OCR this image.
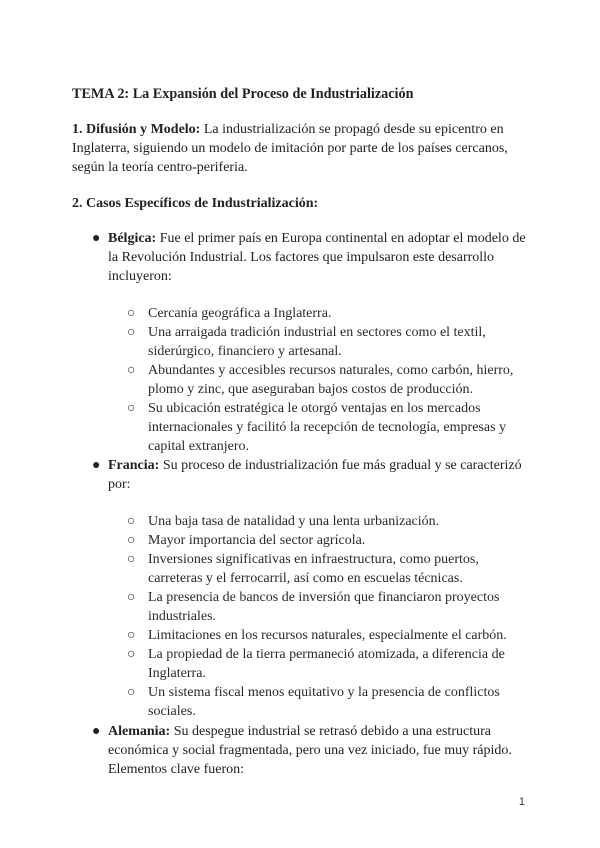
TEMA 2: La Expansión del Proceso de Industrialización
1. Difusión y Modelo: La industrialización se propagó desde su epicentro en Inglaterra, siguiendo un modelo de imitación por parte de los países cercanos, según la teoría centro-periferia.
2. Casos Específicos de Industrialización:
● Bélgica: Fue el primer país en Europa continental en adoptar el modelo de la Revolución Industrial. Los factores que impulsaron este desarrollo incluyeron:
○ Cercanía geográfica a Inglaterra.
○ Una arraigada tradición industrial en sectores como el textil, siderúrgico, financiero y artesanal.
○ Abundantes y accesibles recursos naturales, como carbón, hierro, plomo y zinc, que aseguraban bajos costos de producción.
○ Su ubicación estratégica le otorgó ventajas en los mercados internacionales y facilitó la recepción de tecnología, empresas y capital extranjero.
● Francia: Su proceso de industrialización fue más gradual y se caracterizó por:
○ Una baja tasa de natalidad y una lenta urbanización.
○ Mayor importancia del sector agrícola.
○ Inversiones significativas en infraestructura, como puertos, carreteras y el ferrocarril, así como en escuelas técnicas.
○ La presencia de bancos de inversión que financiaron proyectos industriales.
○ Limitaciones en los recursos naturales, especialmente el carbón.
○ La propiedad de la tierra permaneció atomizada, a diferencia de Inglaterra.
○ Un sistema fiscal menos equitativo y la presencia de conflictos sociales.
● Alemania: Su despegue industrial se retrasó debido a una estructura económica y social fragmentada, pero una vez iniciado, fue muy rápido. Elementos clave fueron:
1
